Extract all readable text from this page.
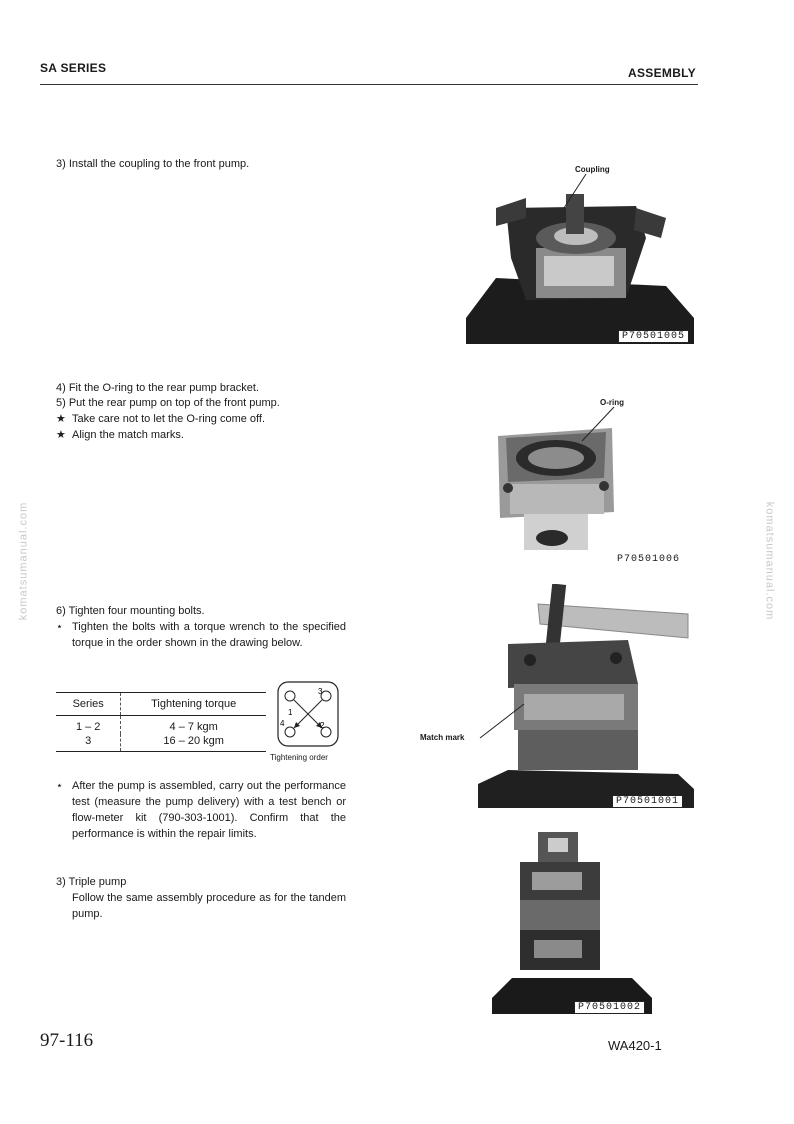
SA SERIES	ASSEMBLY
komatsumanual.com	komatsumanual.com
3) Install the coupling to the front pump.	Coupling
P70501005
4) Fit the O-ring to the rear pump bracket.
5) Put the rear pump on top of the front pump.
★ Take care not to let the O-ring come off.
★ Align the match marks.
O-ring
P70501006
6) Tighten four mounting bolts.
⋆ Tighten the bolts with a torque wrench to the specified torque in the order shown in the drawing below.
Series	Tightening torque
1 – 2	4 – 7 kgm
3	16 – 20 kgm
1
2
3
4
Tightening order
⋆ After the pump is assembled, carry out the performance test (measure the pump delivery) with a test bench or flow-meter kit (790-303-1001). Confirm that the performance is within the repair limits.
3) Triple pump
Follow the same assembly procedure as for the tandem pump.
Match mark
P70501001
P70501002
97-116	WA420-1
